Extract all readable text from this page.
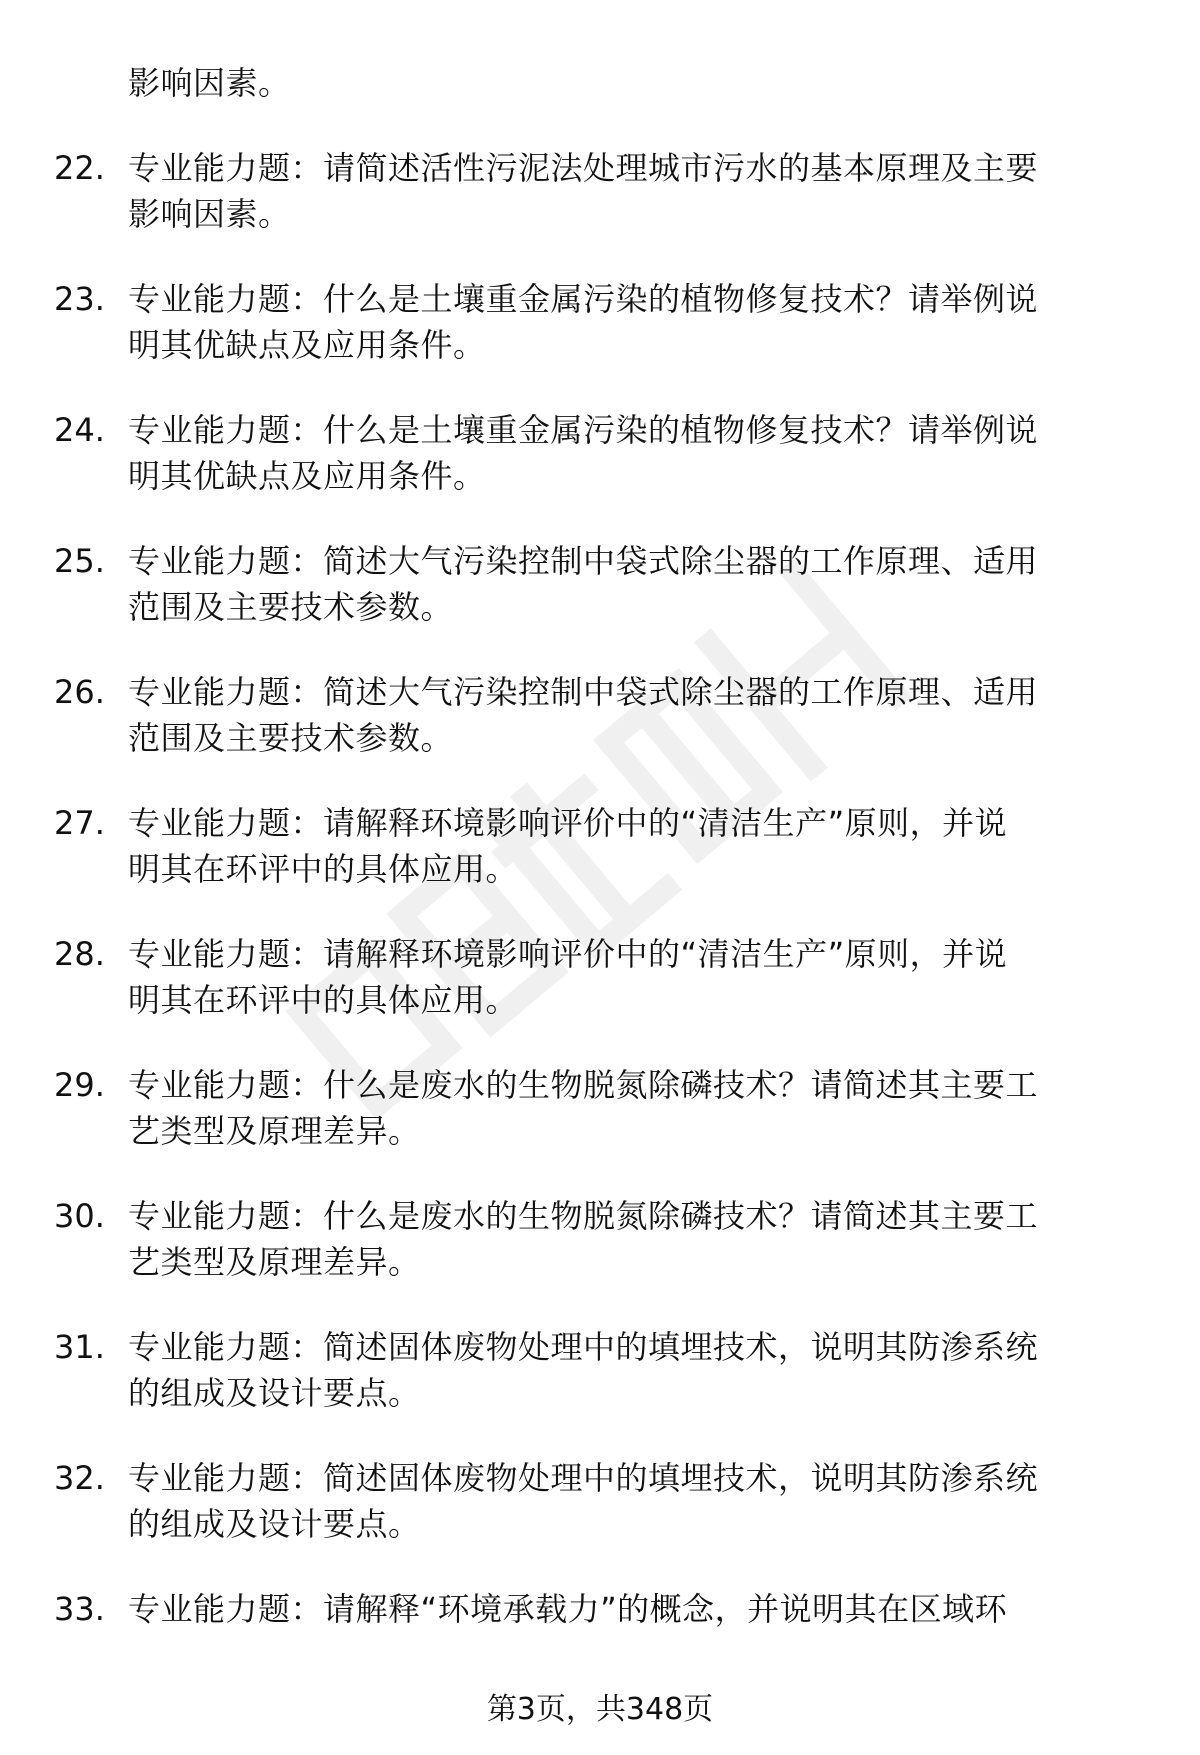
影响因素。
22. 专业能力题：请简述活性污泥法处理城市污水的基本原理及主要
影响因素。
23. 专业能力题：什么是土壤重金属污染的植物修复技术？请举例说
明其优缺点及应用条件。
24. 专业能力题：什么是土壤重金属污染的植物修复技术？请举例说
明其优缺点及应用条件。
25. 专业能力题：简述大气污染控制中袋式除尘器的工作原理、适用
范围及主要技术参数。
26. 专业能力题：简述大气污染控制中袋式除尘器的工作原理、适用
范围及主要技术参数。
27. 专业能力题：请解释环境影响评价中的“清洁生产”原则，并说
明其在环评中的具体应用。
28. 专业能力题：请解释环境影响评价中的“清洁生产”原则，并说
明其在环评中的具体应用。
29. 专业能力题：什么是废水的生物脱氮除磷技术？请简述其主要工
艺类型及原理差异。
30. 专业能力题：什么是废水的生物脱氮除磷技术？请简述其主要工
艺类型及原理差异。
31. 专业能力题：简述固体废物处理中的填埋技术，说明其防渗系统
的组成及设计要点。
32. 专业能力题：简述固体废物处理中的填埋技术，说明其防渗系统
的组成及设计要点。
33. 专业能力题：请解释“环境承载力”的概念，并说明其在区域环
第3页，共348页
